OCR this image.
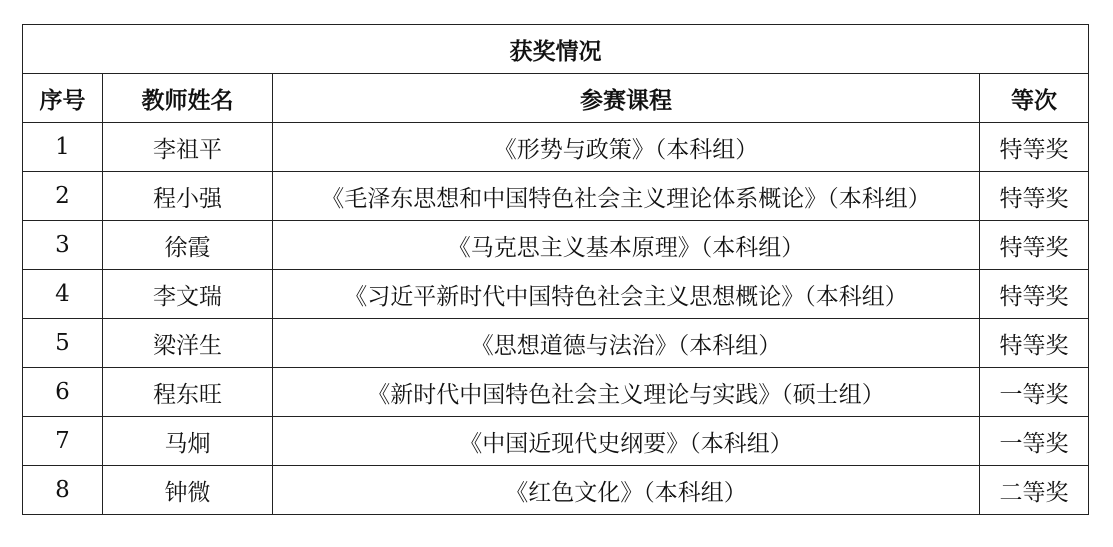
获奖情况			
序号	教师姓名	参赛课程	等次
1	李祖平	《形势与政策》（本科组）	特等奖
2	程小强	《毛泽东思想和中国特色社会主义理论体系概论》（本科组）	特等奖
3	徐霞	《马克思主义基本原理》（本科组）	特等奖
4	李文瑞	《习近平新时代中国特色社会主义思想概论》（本科组）	特等奖
5	梁洋生	《思想道德与法治》（本科组）	特等奖
6	程东旺	《新时代中国特色社会主义理论与实践》（硕士组）	一等奖
7	马炯	《中国近现代史纲要》（本科组）	一等奖
8	钟微	《红色文化》（本科组）	二等奖
